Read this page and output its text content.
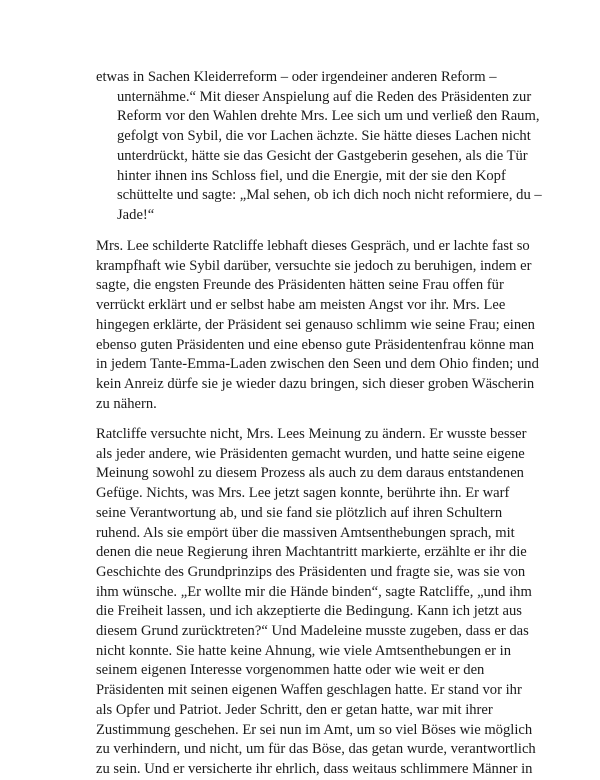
etwas in Sachen Kleiderreform – oder irgendeiner anderen Reform –
unternähme.“ Mit dieser Anspielung auf die Reden des Präsidenten zur
Reform vor den Wahlen drehte Mrs. Lee sich um und verließ den Raum,
gefolgt von Sybil, die vor Lachen ächzte. Sie hätte dieses Lachen nicht
unterdrückt, hätte sie das Gesicht der Gastgeberin gesehen, als die Tür
hinter ihnen ins Schloss fiel, und die Energie, mit der sie den Kopf
schüttelte und sagte: „Mal sehen, ob ich dich noch nicht reformiere, du –
Jade!“
Mrs. Lee schilderte Ratcliffe lebhaft dieses Gespräch, und er lachte fast so
krampfhaft wie Sybil darüber, versuchte sie jedoch zu beruhigen, indem er
sagte, die engsten Freunde des Präsidenten hätten seine Frau offen für
verrückt erklärt und er selbst habe am meisten Angst vor ihr. Mrs. Lee
hingegen erklärte, der Präsident sei genauso schlimm wie seine Frau; einen
ebenso guten Präsidenten und eine ebenso gute Präsidentenfrau könne man
in jedem Tante-Emma-Laden zwischen den Seen und dem Ohio finden; und
kein Anreiz dürfe sie je wieder dazu bringen, sich dieser groben Wäscherin
zu nähern.
Ratcliffe versuchte nicht, Mrs. Lees Meinung zu ändern. Er wusste besser
als jeder andere, wie Präsidenten gemacht wurden, und hatte seine eigene
Meinung sowohl zu diesem Prozess als auch zu dem daraus entstandenen
Gefüge. Nichts, was Mrs. Lee jetzt sagen konnte, berührte ihn. Er warf
seine Verantwortung ab, und sie fand sie plötzlich auf ihren Schultern
ruhend. Als sie empört über die massiven Amtsenthebungen sprach, mit
denen die neue Regierung ihren Machtantritt markierte, erzählte er ihr die
Geschichte des Grundprinzips des Präsidenten und fragte sie, was sie von
ihm wünsche. „Er wollte mir die Hände binden“, sagte Ratcliffe, „und ihm
die Freiheit lassen, und ich akzeptierte die Bedingung. Kann ich jetzt aus
diesem Grund zurücktreten?“ Und Madeleine musste zugeben, dass er das
nicht konnte. Sie hatte keine Ahnung, wie viele Amtsenthebungen er in
seinem eigenen Interesse vorgenommen hatte oder wie weit er den
Präsidenten mit seinen eigenen Waffen geschlagen hatte. Er stand vor ihr
als Opfer und Patriot. Jeder Schritt, den er getan hatte, war mit ihrer
Zustimmung geschehen. Er sei nun im Amt, um so viel Böses wie möglich
zu verhindern, und nicht, um für das Böse, das getan wurde, verantwortlich
zu sein. Und er versicherte ihr ehrlich, dass weitaus schlimmere Männer in
